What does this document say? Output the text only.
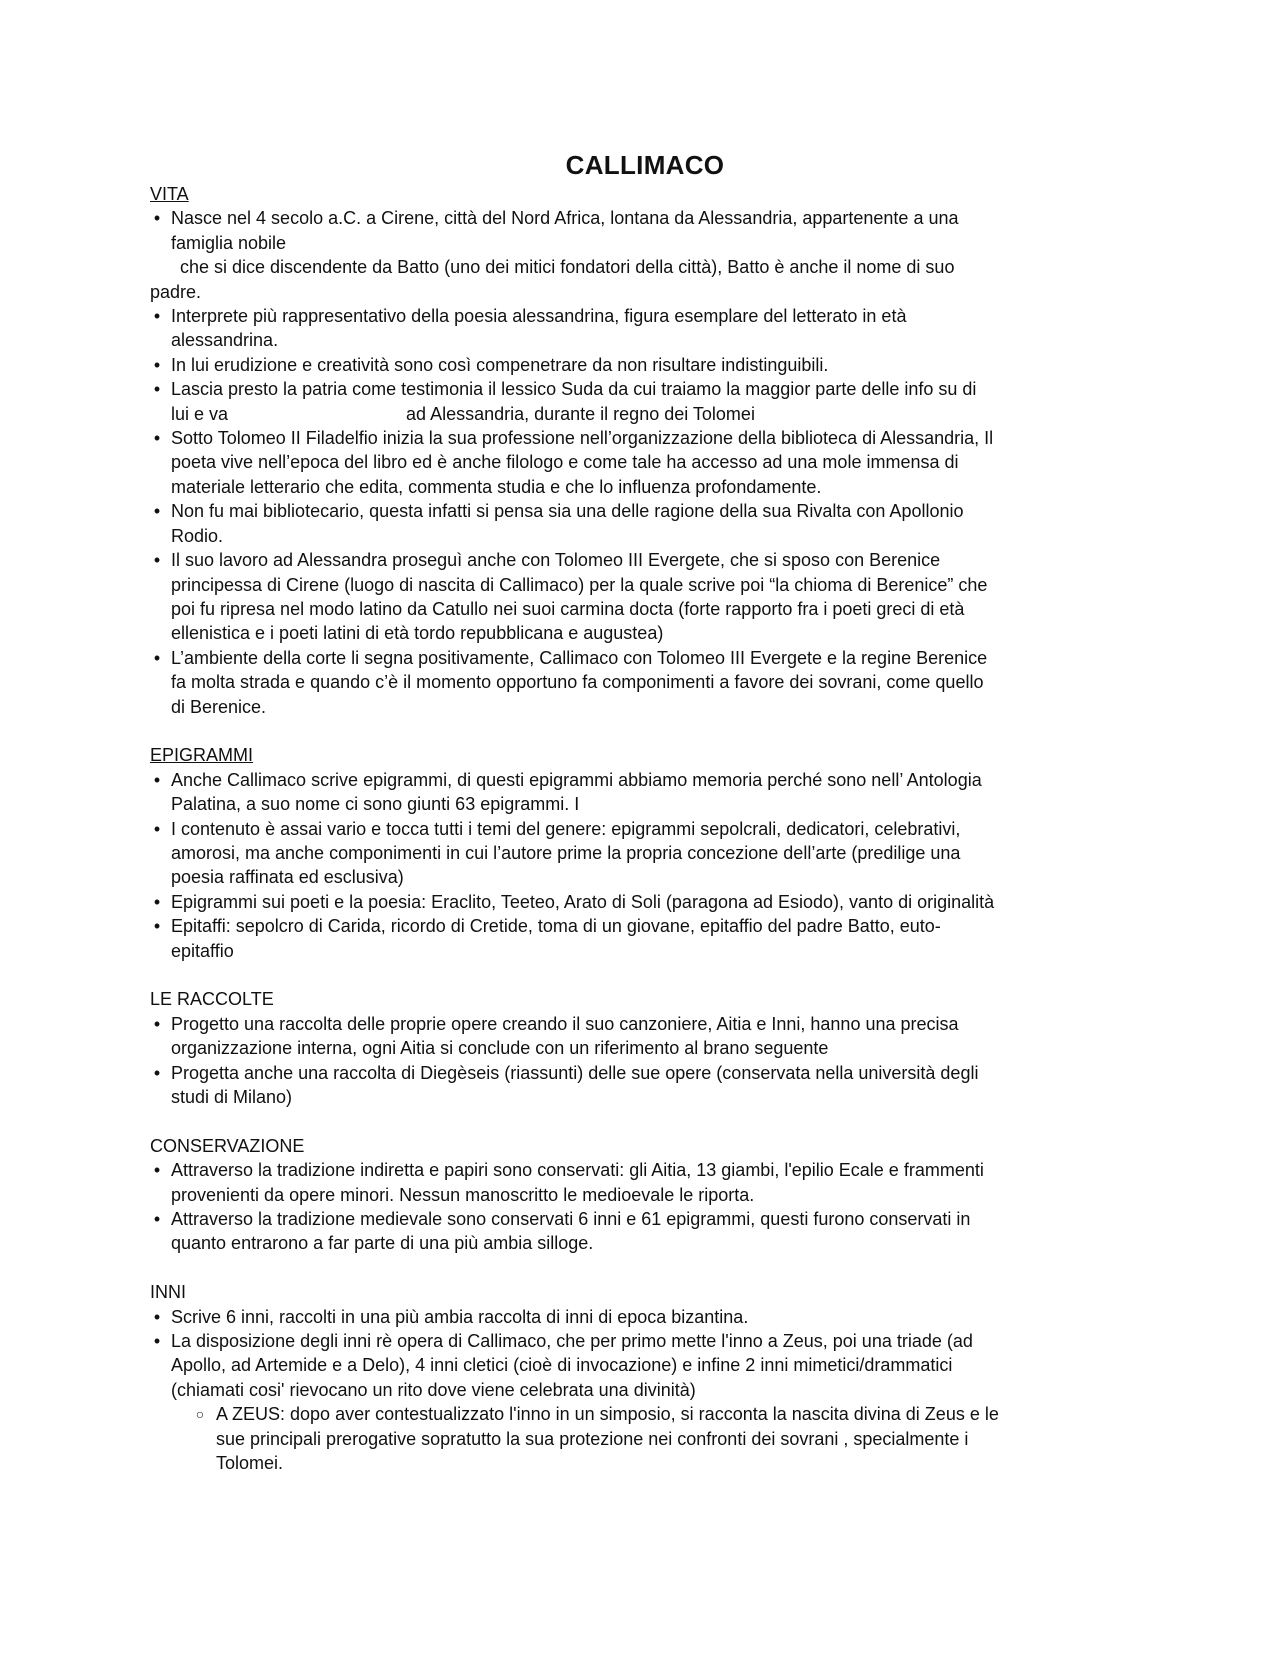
CALLIMACO
VITA
• Nasce nel 4 secolo a.C. a Cirene, città del Nord Africa, lontana da Alessandria, appartenente a una
famiglia nobile
che si dice discendente da Batto (uno dei mitici fondatori della città), Batto è anche il nome di suo
padre.
• Interprete più rappresentativo della poesia alessandrina, figura esemplare del letterato in età
alessandrina.
• In lui erudizione e creatività sono così compenetrare da non risultare indistinguibili.
• Lascia presto la patria come testimonia il lessico Suda da cui traiamo la maggior parte delle info su di
lui e va	ad Alessandria, durante il regno dei Tolomei
• Sotto Tolomeo II Filadelfio inizia la sua professione nell’organizzazione della biblioteca di Alessandria, Il
poeta vive nell’epoca del libro ed è anche filologo e come tale ha accesso ad una mole immensa di
materiale letterario che edita, commenta studia e che lo influenza profondamente.
• Non fu mai bibliotecario, questa infatti si pensa sia una delle ragione della sua Rivalta con Apollonio
Rodio.
• Il suo lavoro ad Alessandra proseguì anche con Tolomeo III Evergete, che si sposo con Berenice
principessa di Cirene (luogo di nascita di Callimaco) per la quale scrive poi “la chioma di Berenice” che
poi fu ripresa nel modo latino da Catullo nei suoi carmina docta (forte rapporto fra i poeti greci di età
ellenistica e i poeti latini di età tordo repubblicana e augustea)
• L’ambiente della corte li segna positivamente, Callimaco con Tolomeo III Evergete e la regine Berenice
fa molta strada e quando c’è il momento opportuno fa componimenti a favore dei sovrani, come quello
di Berenice.
EPIGRAMMI
• Anche Callimaco scrive epigrammi, di questi epigrammi abbiamo memoria perché sono nell’ Antologia
Palatina, a suo nome ci sono giunti 63 epigrammi. I
• I contenuto è assai vario e tocca tutti i temi del genere: epigrammi sepolcrali, dedicatori, celebrativi,
amorosi, ma anche componimenti in cui l’autore prime la propria concezione dell’arte (predilige una
poesia raffinata ed esclusiva)
• Epigrammi sui poeti e la poesia: Eraclito, Teeteo, Arato di Soli (paragona ad Esiodo), vanto di originalità
• Epitaffi: sepolcro di Carida, ricordo di Cretide, toma di un giovane, epitaffio del padre Batto, euto-
epitaffio
LE RACCOLTE
• Progetto una raccolta delle proprie opere creando il suo canzoniere, Aitia e Inni, hanno una precisa
organizzazione interna, ogni Aitia si conclude con un riferimento al brano seguente
• Progetta anche una raccolta di Diegèseis (riassunti) delle sue opere (conservata nella università degli
studi di Milano)
CONSERVAZIONE
• Attraverso la tradizione indiretta e papiri sono conservati: gli Aitia, 13 giambi, l'epilio Ecale e frammenti
provenienti da opere minori. Nessun manoscritto le medioevale le riporta.
• Attraverso la tradizione medievale sono conservati 6 inni e 61 epigrammi, questi furono conservati in
quanto entrarono a far parte di una più ambia silloge.
INNI
• Scrive 6 inni, raccolti in una più ambia raccolta di inni di epoca bizantina.
• La disposizione degli inni rè opera di Callimaco, che per primo mette l'inno a Zeus, poi una triade (ad
Apollo, ad Artemide e a Delo), 4 inni cletici (cioè di invocazione) e infine 2 inni mimetici/drammatici
(chiamati cosi' rievocano un rito dove viene celebrata una divinità)
○ A ZEUS: dopo aver contestualizzato l'inno in un simposio, si racconta la nascita divina di Zeus e le
sue principali prerogative sopratutto la sua protezione nei confronti dei sovrani , specialmente i
Tolomei.
